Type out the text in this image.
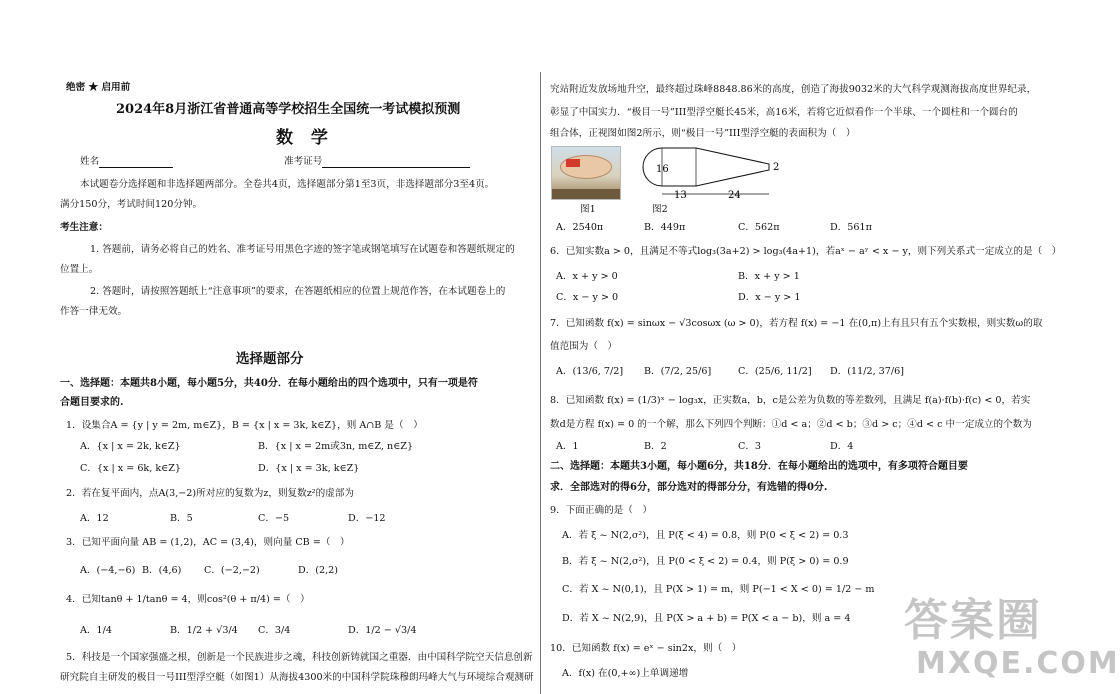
绝密 ★ 启用前
2024年8月浙江省普通高等学校招生全国统一考试模拟预测
数 学
姓名	准考证号
本试题卷分选择题和非选择题两部分。全卷共4页，选择题部分第1至3页，非选择题部分3至4页。
满分150分，考试时间120分钟。
考生注意：
1. 答题前，请务必将自己的姓名、准考证号用黑色字迹的签字笔或钢笔填写在试题卷和答题纸规定的
位置上。
2. 答题时，请按照答题纸上“注意事项”的要求，在答题纸相应的位置上规范作答，在本试题卷上的
作答一律无效。
选择题部分
一、选择题：本题共8小题，每小题5分，共40分．在每小题给出的四个选项中，只有一项是符
合题目要求的.
1．设集合A = {y | y = 2m, m∈Z}，B = {x | x = 3k, k∈Z}，则 A∩B 是（　）
A．{x | x = 2k, k∈Z}	B．{x | x = 2m或3n, m∈Z, n∈Z}
C．{x | x = 6k, k∈Z}	D．{x | x = 3k, k∈Z}
2．若在复平面内，点A(3,−2)所对应的复数为z，则复数z²的虚部为
A．12	B．5	C．−5	D．−12
3．已知平面向量 AB = (1,2)，AC = (3,4)，则向量 CB =（　）
A．(−4,−6) B．(4,6) C．(−2,−2)	D．(2,2)
4．已知tanθ + 1/tanθ = 4，则cos²(θ + π/4) =（　）
A．1/4	B．1/2 + √3/4 C．3/4	D．1/2 − √3/4
5．科技是一个国家强盛之根，创新是一个民族进步之魂，科技创新铸就国之重器．由中国科学院空天信息创新
研究院自主研发的极目一号III型浮空艇（如图1）从海拔4300米的中国科学院珠穆朗玛峰大气与环境综合观测研
究站附近发放场地升空，最终超过珠峰8848.86米的高度，创造了海拔9032米的大气科学观测海拔高度世界纪录，
彰显了中国实力．“极目一号”III型浮空艇长45米，高16米，若将它近似看作一个半球、一个圆柱和一个圆台的
组合体，正视图如图2所示，则“极目一号”III型浮空艇的表面积为（　）
图1
16	2
13	24
图2
A．2540π	B．449π	C．562π	D．561π
6．已知实数a > 0，且满足不等式log₃(3a+2) > log₃(4a+1)，若aˣ − aʸ < x − y，则下列关系式一定成立的是（　）
A．x + y > 0	B．x + y > 1
C．x − y > 0	D．x − y > 1
7．已知函数 f(x) = sinωx − √3cosωx (ω > 0)，若方程 f(x) = −1 在(0,π)上有且只有五个实数根，则实数ω的取
值范围为（　）
A．(13/6, 7/2] B．(7/2, 25/6]	C．(25/6, 11/2] D．(11/2, 37/6]
8．已知函数 f(x) = (1/3)ˣ − log₃x，正实数a，b，c是公差为负数的等差数列，且满足 f(a)·f(b)·f(c) < 0，若实
数d是方程 f(x) = 0 的一个解，那么下列四个判断：①d < a；②d < b；③d > c；④d < c 中一定成立的个数为
A．1	B．2	C．3	D．4
二、选择题：本题共3小题，每小题6分，共18分．在每小题给出的选项中，有多项符合题目要
求．全部选对的得6分，部分选对的得部分分，有选错的得0分.
9．下面正确的是（　）
A．若 ξ ~ N(2,σ²)，且 P(ξ < 4) = 0.8，则 P(0 < ξ < 2) = 0.3
B．若 ξ ~ N(2,σ²)，且 P(0 < ξ < 2) = 0.4，则 P(ξ > 0) = 0.9
C．若 X ~ N(0,1)，且 P(X > 1) = m，则 P(−1 < X < 0) = 1/2 − m
D．若 X ~ N(2,9)，且 P(X > a + b) = P(X < a − b)，则 a = 4
10．已知函数 f(x) = eˣ − sin2x，则（　）
A．f(x) 在(0,+∞)上单调递增
答案圈
MXQE.COM
